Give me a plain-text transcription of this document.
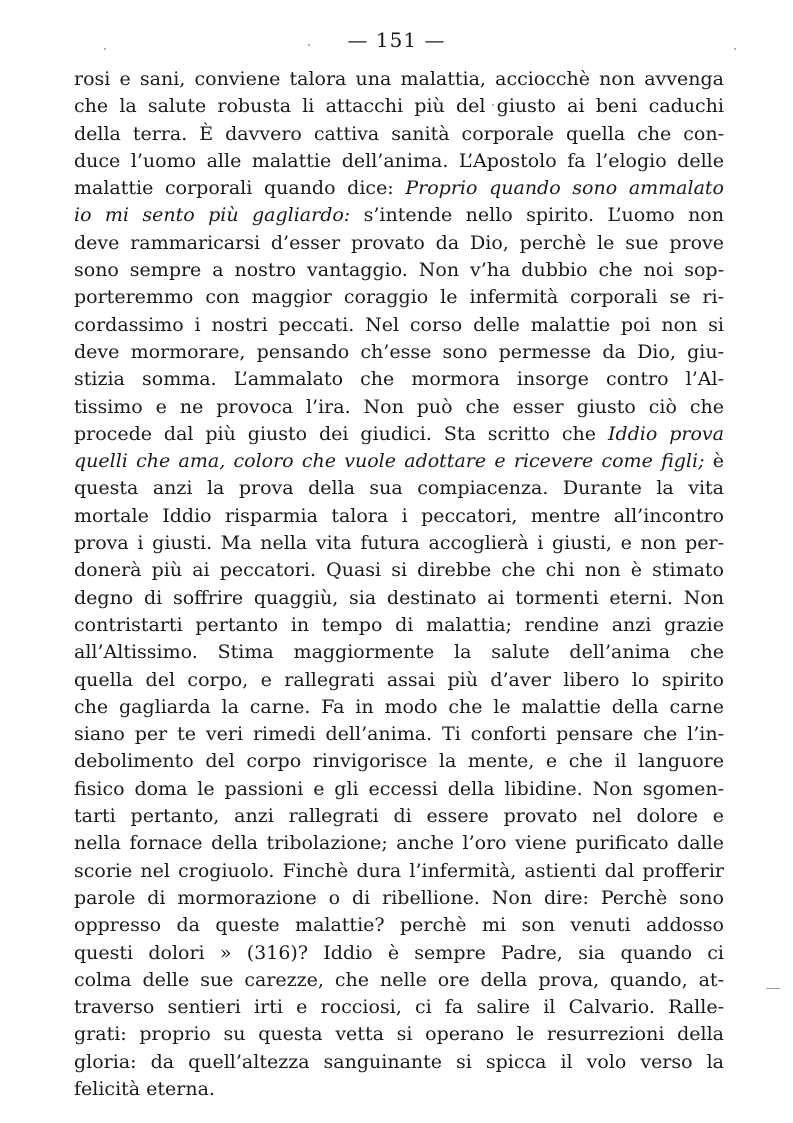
— 151 —
rosi e sani, conviene talora una malattia, acciocchè non avvenga
che la salute robusta li attacchi più del giusto ai beni caduchi
della terra. È davvero cattiva sanità corporale quella che con-
duce l’uomo alle malattie dell’anima. L’Apostolo fa l’elogio delle
malattie corporali quando dice: Proprio quando sono ammalato
io mi sento più gagliardo: s’intende nello spirito. L’uomo non
deve rammaricarsi d’esser provato da Dio, perchè le sue prove
sono sempre a nostro vantaggio. Non v’ha dubbio che noi sop-
porteremmo con maggior coraggio le infermità corporali se ri-
cordassimo i nostri peccati. Nel corso delle malattie poi non si
deve mormorare, pensando ch’esse sono permesse da Dio, giu-
stizia somma. L’ammalato che mormora insorge contro l’Al-
tissimo e ne provoca l’ira. Non può che esser giusto ciò che
procede dal più giusto dei giudici. Sta scritto che Iddio prova
quelli che ama, coloro che vuole adottare e ricevere come figli; è
questa anzi la prova della sua compiacenza. Durante la vita
mortale Iddio risparmia talora i peccatori, mentre all’incontro
prova i giusti. Ma nella vita futura accoglierà i giusti, e non per-
donerà più ai peccatori. Quasi si direbbe che chi non è stimato
degno di soffrire quaggiù, sia destinato ai tormenti eterni. Non
contristarti pertanto in tempo di malattia; rendine anzi grazie
all’Altissimo. Stima maggiormente la salute dell’anima che
quella del corpo, e rallegrati assai più d’aver libero lo spirito
che gagliarda la carne. Fa in modo che le malattie della carne
siano per te veri rimedi dell’anima. Ti conforti pensare che l’in-
debolimento del corpo rinvigorisce la mente, e che il languore
fisico doma le passioni e gli eccessi della libidine. Non sgomen-
tarti pertanto, anzi rallegrati di essere provato nel dolore e
nella fornace della tribolazione; anche l’oro viene purificato dalle
scorie nel crogiuolo. Finchè dura l’infermità, astienti dal profferir
parole di mormorazione o di ribellione. Non dire: Perchè sono
oppresso da queste malattie? perchè mi son venuti addosso
questi dolori » (316)? Iddio è sempre Padre, sia quando ci
colma delle sue carezze, che nelle ore della prova, quando, at-
traverso sentieri irti e rocciosi, ci fa salire il Calvario. Ralle-
grati: proprio su questa vetta si operano le resurrezioni della
gloria: da quell’altezza sanguinante si spicca il volo verso la
felicità eterna.
